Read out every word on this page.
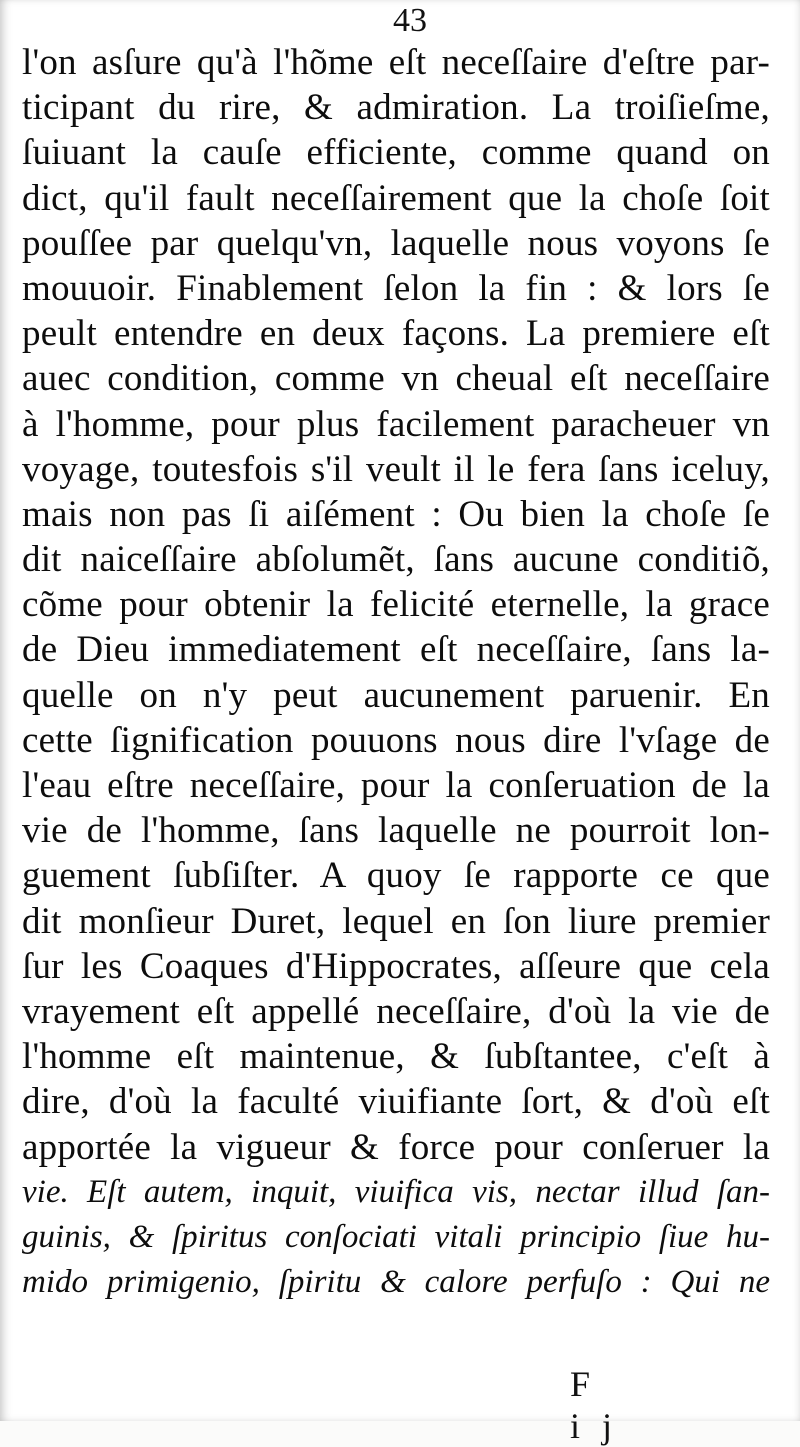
43
l'on asſure qu'à l'hõme eſt neceſſaire d'eſtre par-
ticipant du rire, & admiration. La troiſieſme,
ſuiuant la cauſe efficiente, comme quand on
dict, qu'il fault neceſſairement que la choſe ſoit
pouſſee par quelqu'vn, laquelle nous voyons ſe
mouuoir. Finablement ſelon la fin : & lors ſe
peult entendre en deux façons. La premiere eſt
auec condition, comme vn cheual eſt neceſſaire
à l'homme, pour plus facilement paracheuer vn
voyage, toutesfois s'il veult il le fera ſans iceluy,
mais non pas ſi aiſément : Ou bien la choſe ſe
dit naiceſſaire abſolumẽt, ſans aucune conditiõ,
cõme pour obtenir la felicité eternelle, la grace
de Dieu immediatement eſt neceſſaire, ſans la-
quelle on n'y peut aucunement paruenir. En
cette ſignification pouuons nous dire l'vſage de
l'eau eſtre neceſſaire, pour la conſeruation de la
vie de l'homme, ſans laquelle ne pourroit lon-
guement ſubſiſter. A quoy ſe rapporte ce que
dit monſieur Duret, lequel en ſon liure premier
ſur les Coaques d'Hippocrates, aſſeure que cela
vrayement eſt appellé neceſſaire, d'où la vie de
l'homme eſt maintenue, & ſubſtantee, c'eſt à
dire, d'où la faculté viuifiante ſort, & d'où eſt
apportée la vigueur & force pour conſeruer la
vie. Eſt autem, inquit, viuifica vis, nectar illud ſan-
guinis, & ſpiritus conſociati vitali principio ſiue hu-
mido primigenio, ſpiritu & calore perfuſo : Qui ne
F ij
